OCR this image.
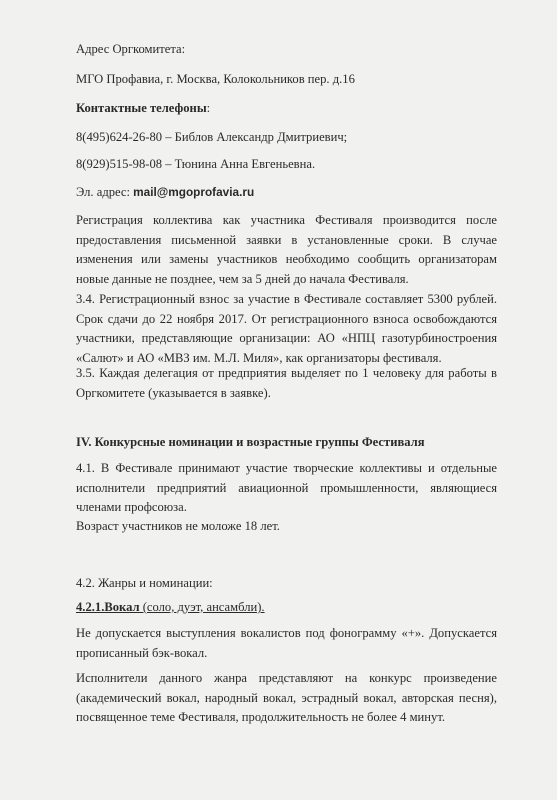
Адрес Оргкомитета:

МГО Профавиа, г. Москва, Колокольников пер. д.16

Контактные телефоны:

8(495)624-26-80 – Библов Александр Дмитриевич;

8(929)515-98-08 – Тюнина Анна Евгеньевна.

Эл. адрес: mail@mgoprofavia.ru

Регистрация коллектива как участника Фестиваля производится после предоставления письменной заявки в установленные сроки. В случае изменения или замены участников необходимо сообщить организаторам новые данные не позднее, чем за 5 дней до начала Фестиваля.

3.4. Регистрационный взнос за участие в Фестивале составляет 5300 рублей. Срок сдачи до 22 ноября 2017. От регистрационного взноса освобождаются участники, представляющие организации: АО «НПЦ газотурбиностроения «Салют» и АО «МВЗ им. М.Л. Миля», как организаторы фестиваля.

3.5. Каждая делегация от предприятия выделяет по 1 человеку для работы в Оргкомитете (указывается в заявке).

IV. Конкурсные номинации и возрастные группы Фестиваля

4.1. В Фестивале принимают участие творческие коллективы и отдельные исполнители предприятий авиационной промышленности, являющиеся членами профсоюза.

Возраст участников не моложе 18 лет.

4.2. Жанры и номинации:

4.2.1.Вокал (соло, дуэт, ансамбли).

Не допускается выступления вокалистов под фонограмму «+». Допускается прописанный бэк-вокал.

Исполнители данного жанра представляют на конкурс произведение (академический вокал, народный вокал, эстрадный вокал, авторская песня), посвященное теме Фестиваля, продолжительность не более 4 минут.
